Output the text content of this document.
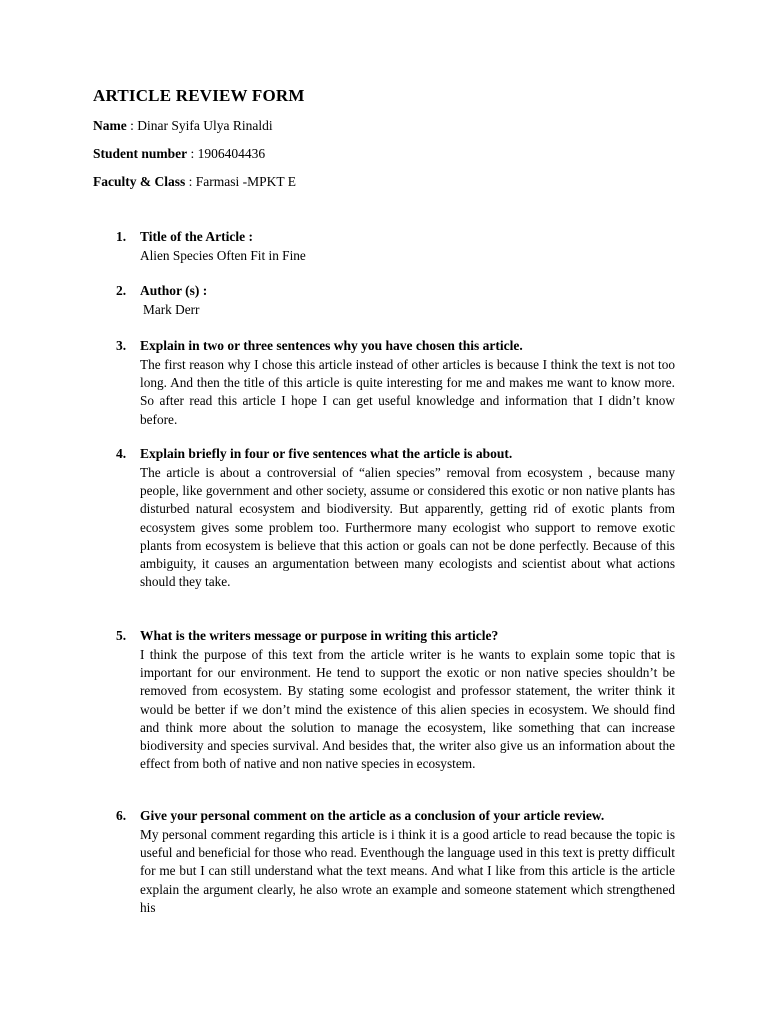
ARTICLE REVIEW FORM
Name : Dinar Syifa Ulya Rinaldi
Student number : 1906404436
Faculty & Class : Farmasi -MPKT E
1. Title of the Article :
Alien Species Often Fit in Fine
2. Author (s) :
Mark Derr
3. Explain in two or three sentences why you have chosen this article.
The first reason why I chose this article instead of other articles is because I think the text is not too long. And then the title of this article is quite interesting for me and makes me want to know more. So after read this article I hope I can get useful knowledge and information that I didn’t know before.
4. Explain briefly in four or five sentences what the article is about.
The article is about a controversial of “alien species” removal from ecosystem , because many people, like government and other society, assume or considered this exotic or non native plants has disturbed natural ecosystem and biodiversity. But apparently, getting rid of exotic plants from ecosystem gives some problem too. Furthermore many ecologist who support to remove exotic plants from ecosystem is believe that this action or goals can not be done perfectly. Because of this ambiguity, it causes an argumentation between many ecologists and scientist about what actions should they take.
5. What is the writers message or purpose in writing this article?
I think the purpose of this text from the article writer is he wants to explain some topic that is important for our environment. He tend to support the exotic or non native species shouldn’t be removed from ecosystem. By stating some ecologist and professor statement, the writer think it would be better if we don’t mind the existence of this alien species in ecosystem. We should find and think more about the solution to manage the ecosystem, like something that can increase biodiversity and species survival. And besides that, the writer also give us an information about the effect from both of native and non native species in ecosystem.
6. Give your personal comment on the article as a conclusion of your article review.
My personal comment regarding this article is i think it is a good article to read because the topic is useful and beneficial for those who read. Eventhough the language used in this text is pretty difficult for me but I can still understand what the text means. And what I like from this article is the article explain the argument clearly, he also wrote an example and someone statement which strengthened his
